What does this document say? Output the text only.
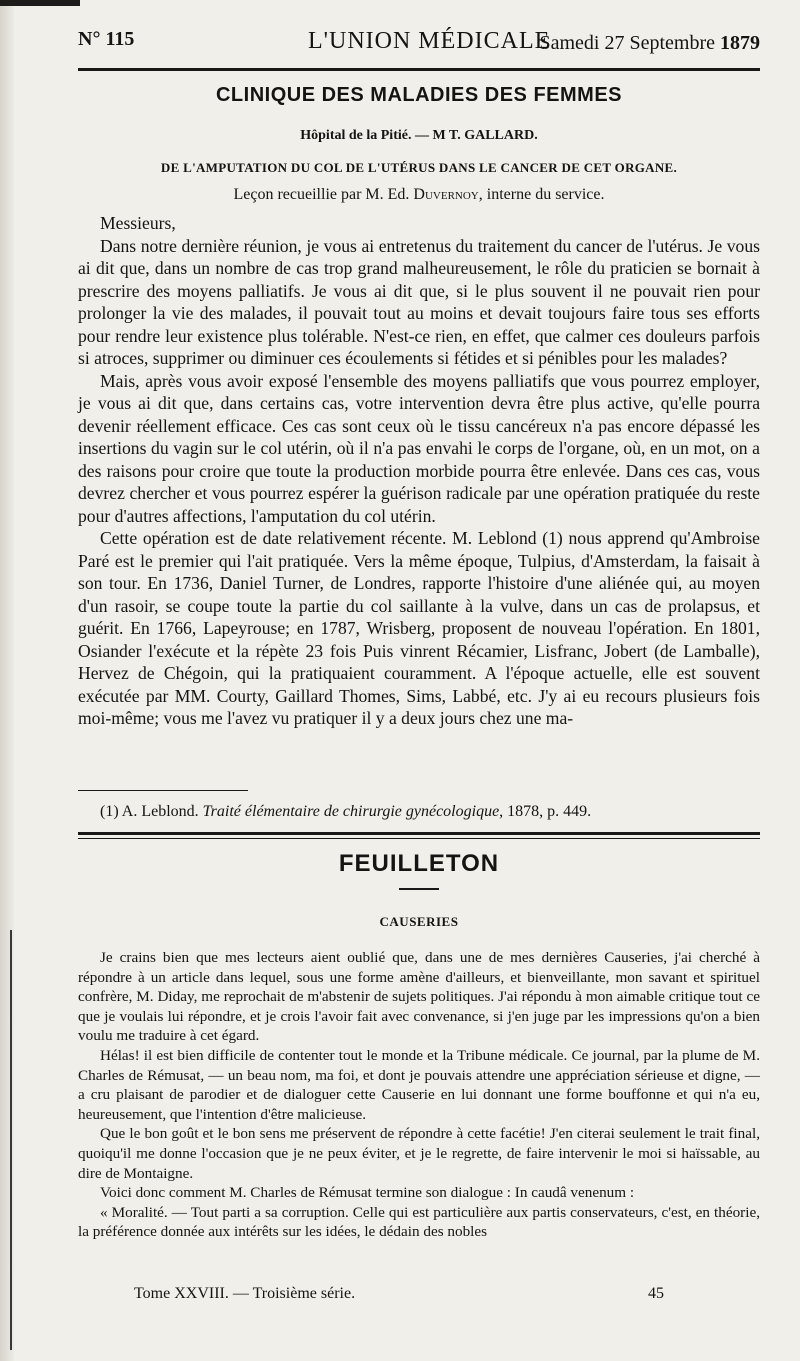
N° 115	L'UNION MÉDICALE
Samedi 27 Septembre 1879
CLINIQUE DES MALADIES DES FEMMES
Hôpital de la Pitié. — M T. GALLARD.
DE L'AMPUTATION DU COL DE L'UTÉRUS DANS LE CANCER DE CET ORGANE.
Leçon recueillie par M. Ed. Duvernoy, interne du service.

Messieurs,

Dans notre dernière réunion, je vous ai entretenus du traitement du cancer de l'utérus. Je vous ai dit que, dans un nombre de cas trop grand malheureusement, le rôle du praticien se bornait à prescrire des moyens palliatifs. Je vous ai dit que, si le plus souvent il ne pouvait rien pour prolonger la vie des malades, il pouvait tout au moins et devait toujours faire tous ses efforts pour rendre leur existence plus tolérable. N'est-ce rien, en effet, que calmer ces douleurs parfois si atroces, supprimer ou diminuer ces écoulements si fétides et si pénibles pour les malades?

Mais, après vous avoir exposé l'ensemble des moyens palliatifs que vous pourrez employer, je vous ai dit que, dans certains cas, votre intervention devra être plus active, qu'elle pourra devenir réellement efficace. Ces cas sont ceux où le tissu cancéreux n'a pas encore dépassé les insertions du vagin sur le col utérin, où il n'a pas envahi le corps de l'organe, où, en un mot, on a des raisons pour croire que toute la production morbide pourra être enlevée. Dans ces cas, vous devrez chercher et vous pourrez espérer la guérison radicale par une opération pratiquée du reste pour d'autres affections, l'amputation du col utérin.

Cette opération est de date relativement récente. M. Leblond (1) nous apprend qu'Ambroise Paré est le premier qui l'ait pratiquée. Vers la même époque, Tulpius, d'Amsterdam, la faisait à son tour. En 1736, Daniel Turner, de Londres, rapporte l'histoire d'une aliénée qui, au moyen d'un rasoir, se coupe toute la partie du col saillante à la vulve, dans un cas de prolapsus, et guérit. En 1766, Lapeyrouse; en 1787, Wrisberg, proposent de nouveau l'opération. En 1801, Osiander l'exécute et la répète 23 fois Puis vinrent Récamier, Lisfranc, Jobert (de Lamballe), Hervez de Chégoin, qui la pratiquaient couramment. A l'époque actuelle, elle est souvent exécutée par MM. Courty, Gaillard Thomes, Sims, Labbé, etc. J'y ai eu recours plusieurs fois moi-même; vous me l'avez vu pratiquer il y a deux jours chez une ma-

(1) A. Leblond. Traité élémentaire de chirurgie gynécologique, 1878, p. 449.
FEUILLETON
CAUSERIES

Je crains bien que mes lecteurs aient oublié que, dans une de mes dernières Causeries, j'ai cherché à répondre à un article dans lequel, sous une forme amène d'ailleurs, et bienveillante, mon savant et spirituel confrère, M. Diday, me reprochait de m'abstenir de sujets politiques. J'ai répondu à mon aimable critique tout ce que je voulais lui répondre, et je crois l'avoir fait avec convenance, si j'en juge par les impressions qu'on a bien voulu me traduire à cet égard.

Hélas! il est bien difficile de contenter tout le monde et la Tribune médicale. Ce journal, par la plume de M. Charles de Rémusat, — un beau nom, ma foi, et dont je pouvais attendre une appréciation sérieuse et digne, — a cru plaisant de parodier et de dialoguer cette Causerie en lui donnant une forme bouffonne et qui n'a eu, heureusement, que l'intention d'être malicieuse.

Que le bon goût et le bon sens me préservent de répondre à cette facétie! J'en citerai seulement le trait final, quoiqu'il me donne l'occasion que je ne peux éviter, et je le regrette, de faire intervenir le moi si haïssable, au dire de Montaigne.

Voici donc comment M. Charles de Rémusat termine son dialogue : In caudâ venenum :

« Moralité. — Tout parti a sa corruption. Celle qui est particulière aux partis conservateurs, c'est, en théorie, la préférence donnée aux intérêts sur les idées, le dédain des nobles

Tome XXVIII. — Troisième série.	45
